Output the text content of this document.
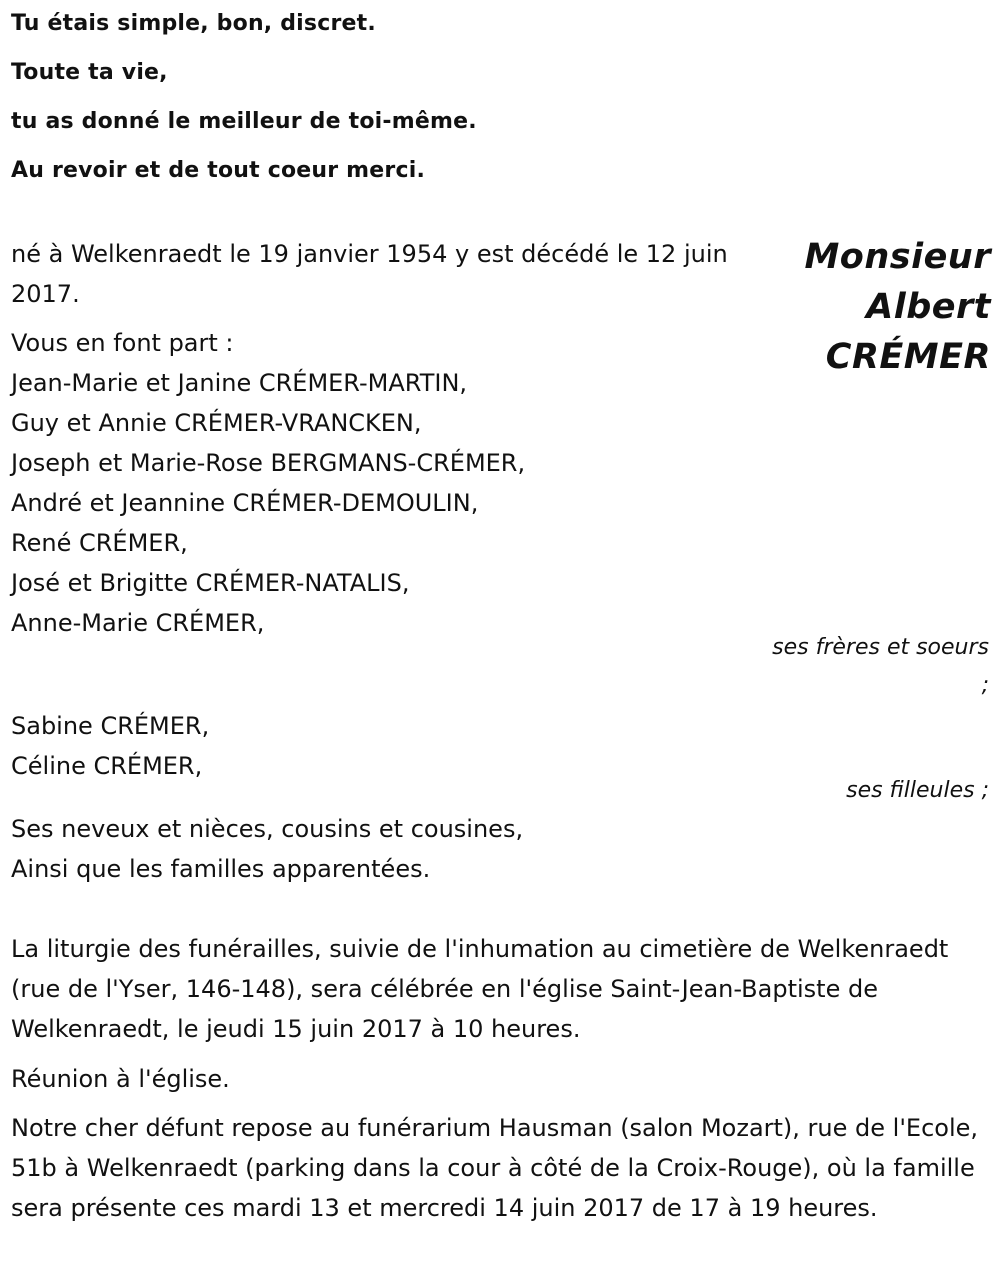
Tu étais simple, bon, discret.

Toute ta vie,

tu as donné le meilleur de toi-même.

Au revoir et de tout coeur merci.

Monsieur
Albert
CRÉMER

né à Welkenraedt le 19 janvier 1954 y est décédé le 12 juin 2017.

Vous en font part :

Jean-Marie et Janine CRÉMER-MARTIN,

Guy et Annie CRÉMER-VRANCKEN,

Joseph et Marie-Rose BERGMANS-CRÉMER,

André et Jeannine CRÉMER-DEMOULIN,

René CRÉMER,

José et Brigitte CRÉMER-NATALIS,

Anne-Marie CRÉMER,

ses frères et soeurs
;

Sabine CRÉMER,

Céline CRÉMER,

ses filleules ;

Ses neveux et nièces, cousins et cousines,

Ainsi que les familles apparentées.

La liturgie des funérailles, suivie de l'inhumation au cimetière de Welkenraedt (rue de l'Yser, 146-148), sera célébrée en l'église Saint-Jean-Baptiste de Welkenraedt, le jeudi 15 juin 2017 à 10 heures.

Réunion à l'église.

Notre cher défunt repose au funérarium Hausman (salon Mozart), rue de l'Ecole, 51b à Welkenraedt (parking dans la cour à côté de la Croix-Rouge), où la famille sera présente ces mardi 13 et mercredi 14 juin 2017 de 17 à 19 heures.
